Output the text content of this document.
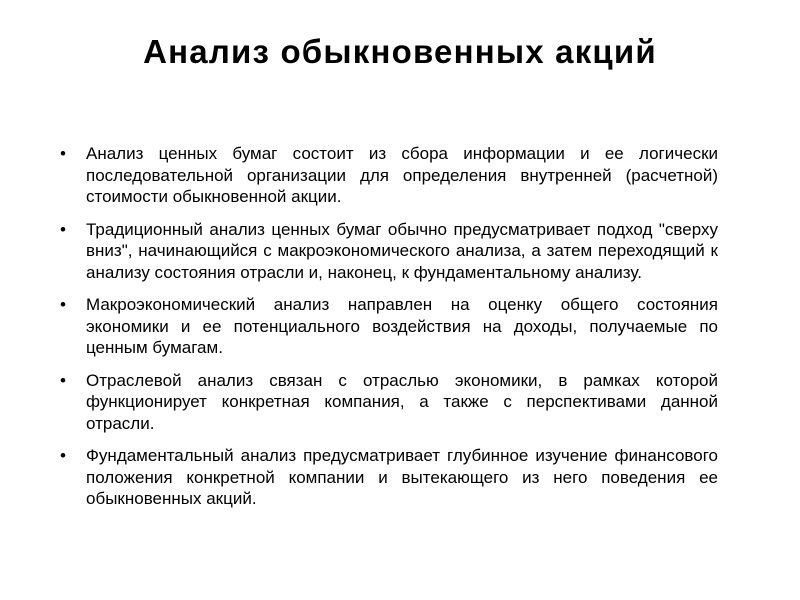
Анализ обыкновенных акций
•	Анализ ценных бумаг состоит из сбора информации и ее логически последовательной организации для определения внутренней (расчетной) стоимости обыкновенной акции.
•	Традиционный анализ ценных бумаг обычно предусматривает подход "сверху вниз", начинающийся с макроэкономического анализа, а затем переходящий к анализу состояния отрасли и, наконец, к фундаментальному анализу.
•	Макроэкономический анализ направлен на оценку общего состояния экономики и ее потенциального воздействия на доходы, получаемые по ценным бумагам.
•	Отраслевой анализ связан с отраслью экономики, в рамках которой функционирует конкретная компания, а также с перспективами данной отрасли.
•	Фундаментальный анализ предусматривает глубинное изучение финансового положения конкретной компании и вытекающего из него поведения ее обыкновенных акций.
